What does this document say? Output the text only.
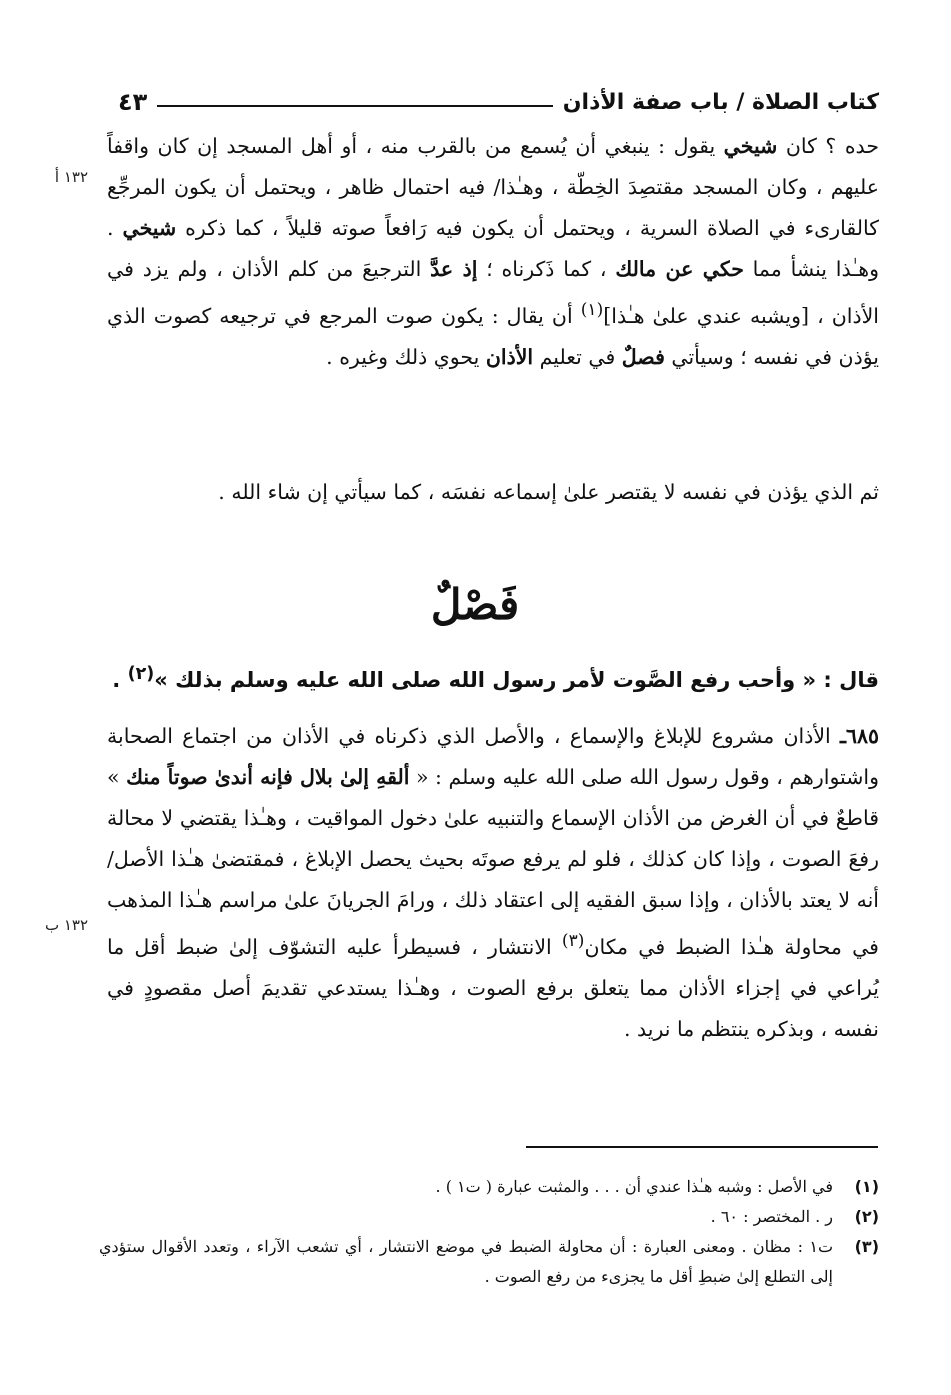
كتاب الصلاة / باب صفة الأذان
٤٣
١٣٢ أ
١٣٢ ب
حده ؟ كان شيخي يقول : ينبغي أن يُسمع من بالقرب منه ، أو أهل المسجد إن كان واقفاً عليهم ، وكان المسجد مقتصِدَ الخِطّة ، وهـٰذا/ فيه احتمال ظاهر ، ويحتمل أن يكون المرجِّع كالقارىء في الصلاة السرية ، ويحتمل أن يكون فيه رَافعاً صوته قليلاً ، كما ذكره شيخي . وهـٰذا ينشأ مما حكي عن مالك ، كما ذَكرناه ؛ إذ عدَّ الترجيعَ من كلم الأذان ، ولم يزد في الأذان ، [ويشبه عندي علىٰ هـٰذا]$^{(١)}$ أن يقال : يكون صوت المرجع في ترجيعه كصوت الذي يؤذن في نفسه ؛ وسيأتي فصلٌ في تعليم الأذان يحوي ذلك وغيره .
ثم الذي يؤذن في نفسه لا يقتصر علىٰ إسماعه نفسَه ، كما سيأتي إن شاء الله .
فَصْلٌ
قال : « وأحب رفع الصَّوت لأمر رسول الله صلى الله عليه وسلم بذلك »$^{(٢)}$ .
٦٨٥ـ الأذان مشروع للإبلاغ والإسماع ، والأصل الذي ذكرناه في الأذان من اجتماع الصحابة واشتوارهم ، وقول رسول الله صلى الله عليه وسلم : « ألقهِ إلىٰ بلال فإنه أندىٰ صوتاً منك » قاطعٌ في أن الغرض من الأذان الإسماع والتنبيه علىٰ دخول المواقيت ، وهـٰذا يقتضي لا محالة رفعَ الصوت ، وإذا كان كذلك ، فلو لم يرفع صوتَه بحيث يحصل الإبلاغ ، فمقتضىٰ هـٰذا الأصل/ أنه لا يعتد بالأذان ، وإذا سبق الفقيه إلى اعتقاد ذلك ، ورامَ الجريانَ علىٰ مراسم هـٰذا المذهب في محاولة هـٰذا الضبط في مكان$^{(٣)}$ الانتشار ، فسيطرأ عليه التشوّف إلىٰ ضبط أقل ما يُراعي في إجزاء الأذان مما يتعلق برفع الصوت ، وهـٰذا يستدعي تقديمَ أصل مقصودٍ في نفسه ، وبذكره ينتظم ما نريد .
(١)
في الأصل : وشبه هـٰذا عندي أن . . . والمثبت عبارة ( ت١ ) .
(٢)
ر . المختصر : ٦٠ .
(٣)
ت١ : مظان . ومعنى العبارة : أن محاولة الضبط في موضع الانتشار ، أي تشعب الآراء ، وتعدد الأقوال ستؤدي إلى التطلع إلىٰ ضبطِ أقل ما يجزىء من رفع الصوت .
